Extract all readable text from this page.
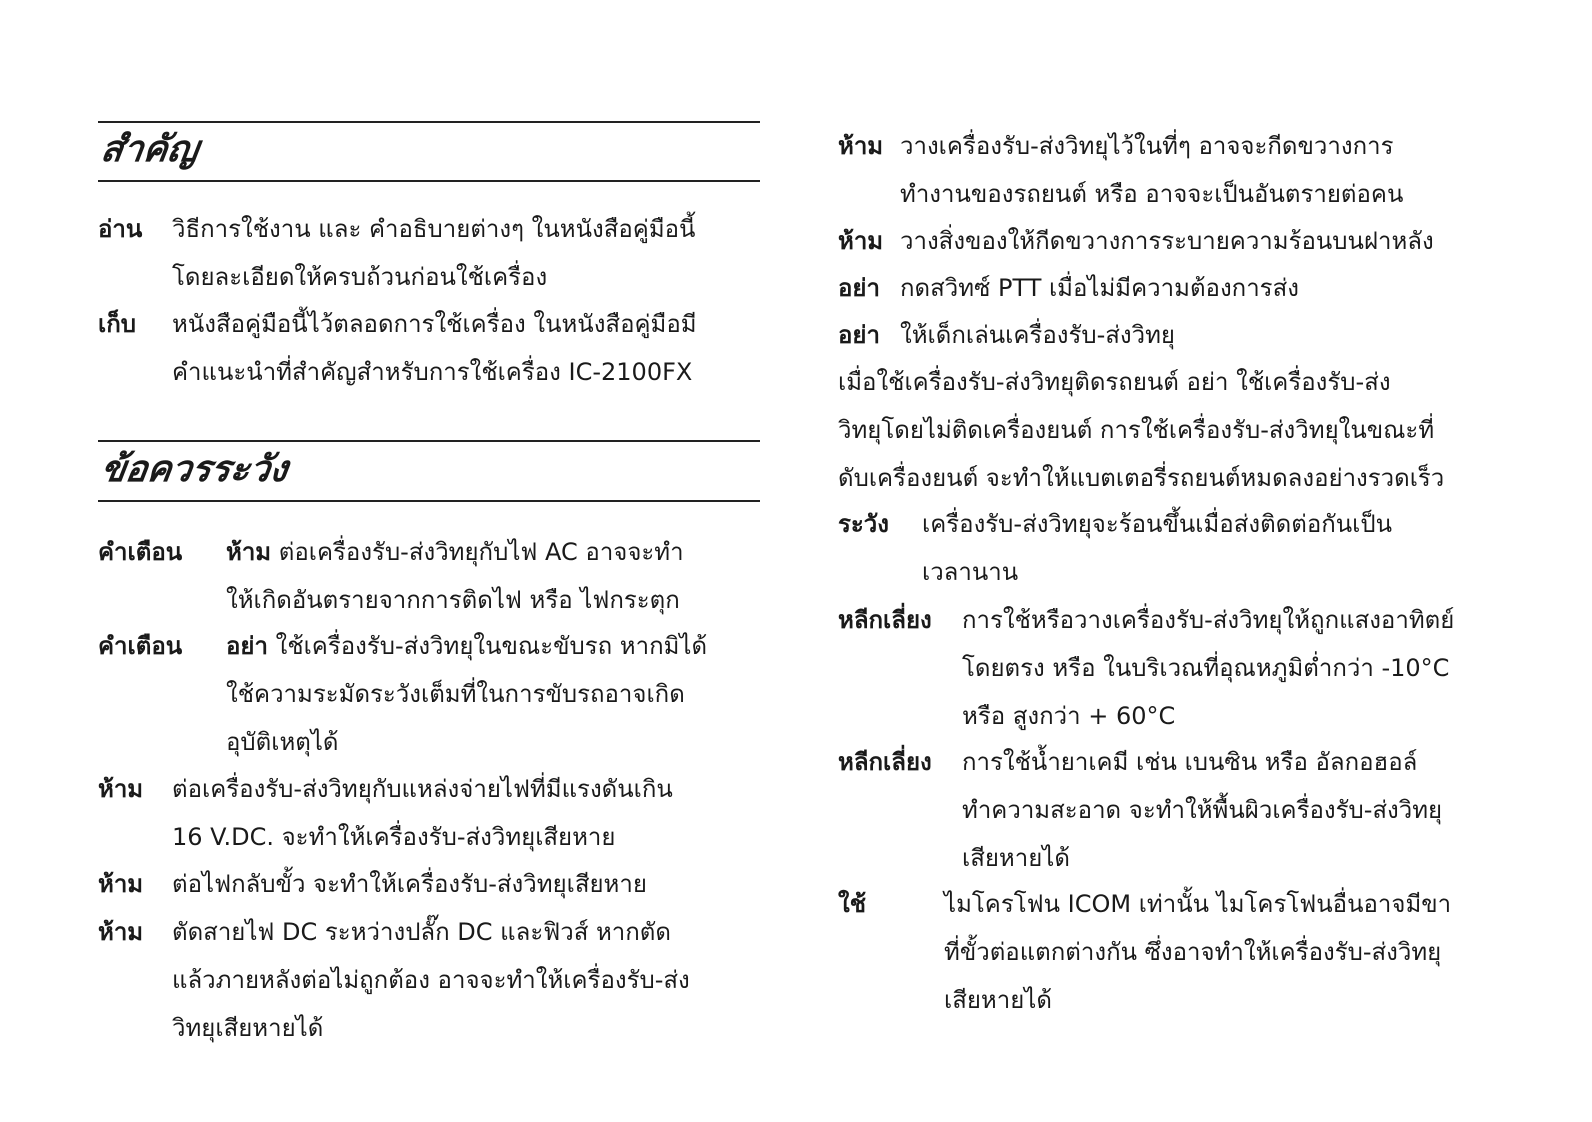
สำคัญ
อ่าน วิธีการใช้งาน และ คำอธิบายต่างๆ ในหนังสือคู่มือนี้
โดยละเอียดให้ครบถ้วนก่อนใช้เครื่อง
เก็บ หนังสือคู่มือนี้ไว้ตลอดการใช้เครื่อง ในหนังสือคู่มือมี
คำแนะนำที่สำคัญสำหรับการใช้เครื่อง IC-2100FX
ข้อควรระวัง
คำเตือน ห้าม ต่อเครื่องรับ-ส่งวิทยุกับไฟ AC อาจจะทำ
ให้เกิดอันตรายจากการติดไฟ หรือ ไฟกระตุก
คำเตือน อย่า ใช้เครื่องรับ-ส่งวิทยุในขณะขับรถ หากมิได้
ใช้ความระมัดระวังเต็มที่ในการขับรถอาจเกิด
อุบัติเหตุได้
ห้าม ต่อเครื่องรับ-ส่งวิทยุกับแหล่งจ่ายไฟที่มีแรงดันเกิน
16 V.DC. จะทำให้เครื่องรับ-ส่งวิทยุเสียหาย
ห้าม ต่อไฟกลับขั้ว จะทำให้เครื่องรับ-ส่งวิทยุเสียหาย
ห้าม ตัดสายไฟ DC ระหว่างปลั๊ก DC และฟิวส์ หากตัด
แล้วภายหลังต่อไม่ถูกต้อง อาจจะทำให้เครื่องรับ-ส่ง
วิทยุเสียหายได้
ห้าม วางเครื่องรับ-ส่งวิทยุไว้ในที่ๆ อาจจะกีดขวางการ
ทำงานของรถยนต์ หรือ อาจจะเป็นอันตรายต่อคน
ห้าม วางสิ่งของให้กีดขวางการระบายความร้อนบนฝาหลัง
อย่า กดสวิทซ์ PTT เมื่อไม่มีความต้องการส่ง
อย่า ให้เด็กเล่นเครื่องรับ-ส่งวิทยุ
เมื่อใช้เครื่องรับ-ส่งวิทยุติดรถยนต์ อย่า ใช้เครื่องรับ-ส่ง
วิทยุโดยไม่ติดเครื่องยนต์ การใช้เครื่องรับ-ส่งวิทยุในขณะที่
ดับเครื่องยนต์ จะทำให้แบตเตอรี่รถยนต์หมดลงอย่างรวดเร็ว
ระวัง เครื่องรับ-ส่งวิทยุจะร้อนขึ้นเมื่อส่งติดต่อกันเป็น
เวลานาน
หลีกเลี่ยง การใช้หรือวางเครื่องรับ-ส่งวิทยุให้ถูกแสงอาทิตย์
โดยตรง หรือ ในบริเวณที่อุณหภูมิต่ำกว่า -10°C
หรือ สูงกว่า + 60°C
หลีกเลี่ยง การใช้น้ำยาเคมี เช่น เบนซิน หรือ อัลกอฮอล์
ทำความสะอาด จะทำให้พื้นผิวเครื่องรับ-ส่งวิทยุ
เสียหายได้
ใช้	ไมโครโฟน ICOM เท่านั้น ไมโครโฟนอื่นอาจมีขา
ที่ขั้วต่อแตกต่างกัน ซึ่งอาจทำให้เครื่องรับ-ส่งวิทยุ
เสียหายได้
